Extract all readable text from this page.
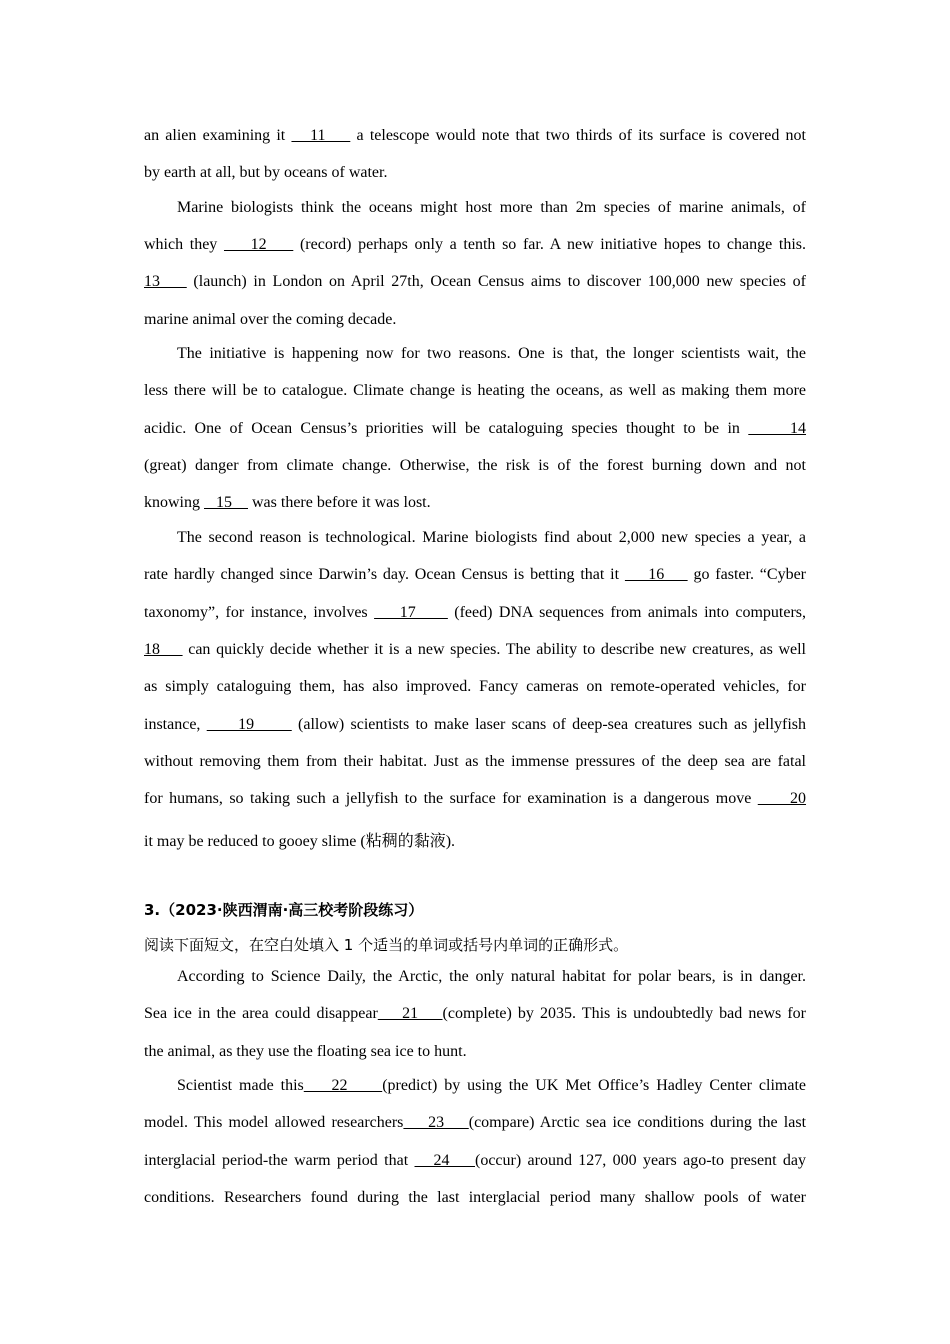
an alien examining it    11     a telescope would note that two thirds of its surface is covered not
by earth at all, but by oceans of water.
Marine biologists think the oceans might host more than 2m species of marine animals, of
which they     12     (record) perhaps only a tenth so far. A new initiative hopes to change this.
13     (launch) in London on April 27th, Ocean Census aims to discover 100,000 new species of
marine animal over the coming decade.
The initiative is happening now for two reasons. One is that, the longer scientists wait, the
less there will be to catalogue. Climate change is heating the oceans, as well as making them more
acidic. One of Ocean Census’s priorities will be cataloguing species thought to be in      14
(great) danger from climate change. Otherwise, the risk is of the forest burning down and not
knowing    15     was there before it was lost.
The second reason is technological. Marine biologists find about 2,000 new species a year, a
rate hardly changed since Darwin’s day. Ocean Census is betting that it     16     go faster. “Cyber
taxonomy”, for instance, involves     17      (feed) DNA sequences from animals into computers,
18     can quickly decide whether it is a new species. The ability to describe new creatures, as well
as simply cataloguing them, has also improved. Fancy cameras on remote-operated vehicles, for
instance,      19       (allow) scientists to make laser scans of deep-sea creatures such as jellyfish
without removing them from their habitat. Just as the immense pressures of the deep sea are fatal
for humans, so taking such a jellyfish to the surface for examination is a dangerous move      20
it may be reduced to gooey slime (粘稠的黏液).
3.（2023·陕西渭南·高三校考阶段练习）
阅读下面短文，在空白处填入 1 个适当的单词或括号内单词的正确形式。
According to Science Daily, the Arctic, the only natural habitat for polar bears, is in danger.
Sea ice in the area could disappear    21    (complete) by 2035. This is undoubtedly bad news for
the animal, as they use the floating sea ice to hunt.
Scientist made this    22     (predict) by using the UK Met Office’s Hadley Center climate
model. This model allowed researchers    23    (compare) Arctic sea ice conditions during the last
interglacial period-the warm period that    24    (occur) around 127, 000 years ago-to present day
conditions. Researchers found during the last interglacial period many shallow pools of water
